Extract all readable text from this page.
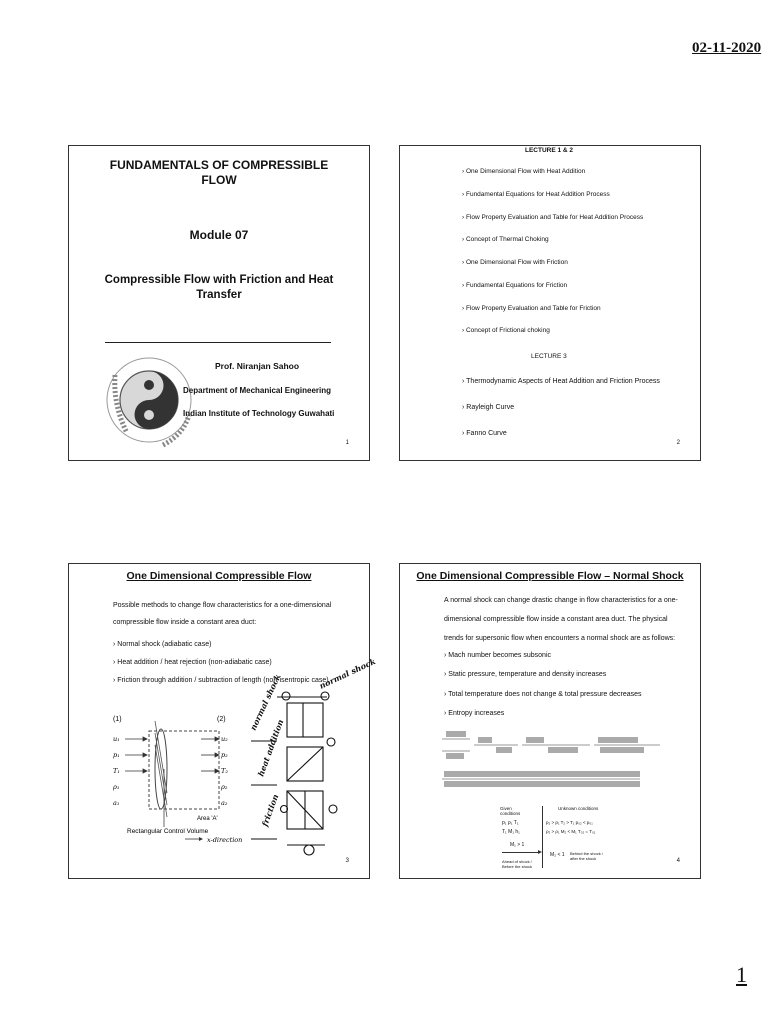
02-11-2020
FUNDAMENTALS OF COMPRESSIBLE
FLOW
Module 07
Compressible Flow with Friction and Heat
Transfer
Prof. Niranjan Sahoo
Department of Mechanical Engineering
Indian Institute of Technology Guwahati
1
LECTURE 1 & 2
› One Dimensional Flow with Heat Addition
› Fundamental Equations for Heat Addition Process
› Flow Property Evaluation and Table for Heat Addition Process
› Concept of Thermal Choking
› One Dimensional Flow with Friction
› Fundamental Equations for Friction
› Flow Property Evaluation and Table for Friction
› Concept of Frictional choking
LECTURE 3
› Thermodynamic Aspects of Heat Addition and Friction Process
› Rayleigh Curve
› Fanno Curve
2
One Dimensional Compressible Flow
Possible methods to change flow characteristics for a one-dimensional
compressible flow inside a constant area duct:
› Normal shock (adiabatic case)
› Heat addition / heat rejection (non-adiabatic case)
› Friction through addition / subtraction of length (non-isentropic case)
(1)	(2)
u₁
p₁
T₁
ρ₁
a₁
u₂
p₂
T₂
ρ₂
a₂
Area 'A'
Rectangular Control Volume
x-direction
normal shock
heat addition
friction
normal shock
3
One Dimensional Compressible Flow – Normal Shock
A normal shock can change drastic change in flow characteristics for a one-
dimensional compressible flow inside a constant area duct. The physical
trends for supersonic flow when encounters a normal shock are as follows:
› Mach number becomes subsonic
› Static pressure, temperature and density increases
› Total temperature does not change & total pressure decreases
› Entropy increases
Given conditions
Unknown conditions
p₁ ρ₁ T₁
T₁ M₁ h₁
p₂ > p₁ T₂ > T₁ p₀₂ < p₀₁
ρ₂ > ρ₁ M₂ < M₁ T₀₂ = T₀₁
M₁ > 1
M₂ < 1
Ahead of shock / Before the shock
Behind the shock / after the shock	4
1
